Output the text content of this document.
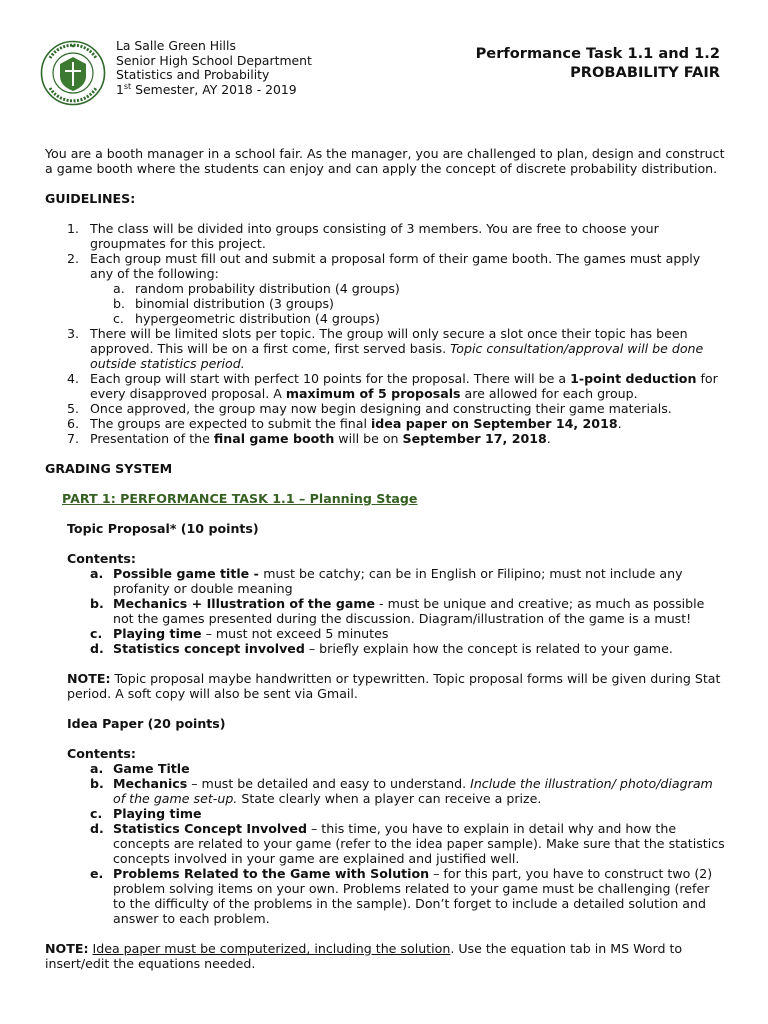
La Salle Green Hills
Senior High School Department
Statistics and Probability
1st Semester, AY 2018 - 2019
Performance Task 1.1 and 1.2
PROBABILITY FAIR

You are a booth manager in a school fair. As the manager, you are challenged to plan, design and construct a game booth where the students can enjoy and can apply the concept of discrete probability distribution.

GUIDELINES:

1. The class will be divided into groups consisting of 3 members. You are free to choose your groupmates for this project.
2. Each group must fill out and submit a proposal form of their game booth. The games must apply any of the following:
a. random probability distribution (4 groups)
b. binomial distribution (3 groups)
c. hypergeometric distribution (4 groups)
3. There will be limited slots per topic. The group will only secure a slot once their topic has been approved. This will be on a first come, first served basis. Topic consultation/approval will be done outside statistics period.
4. Each group will start with perfect 10 points for the proposal. There will be a 1-point deduction for every disapproved proposal. A maximum of 5 proposals are allowed for each group.
5. Once approved, the group may now begin designing and constructing their game materials.
6. The groups are expected to submit the final idea paper on September 14, 2018.
7. Presentation of the final game booth will be on September 17, 2018.

GRADING SYSTEM

PART 1: PERFORMANCE TASK 1.1 – Planning Stage

Topic Proposal* (10 points)

Contents:

a. Possible game title - must be catchy; can be in English or Filipino; must not include any profanity or double meaning
b. Mechanics + Illustration of the game - must be unique and creative; as much as possible not the games presented during the discussion. Diagram/illustration of the game is a must!
c. Playing time – must not exceed 5 minutes
d. Statistics concept involved – briefly explain how the concept is related to your game.

NOTE: Topic proposal maybe handwritten or typewritten. Topic proposal forms will be given during Stat period. A soft copy will also be sent via Gmail.

Idea Paper (20 points)

Contents:

a. Game Title
b. Mechanics – must be detailed and easy to understand. Include the illustration/ photo/diagram of the game set-up. State clearly when a player can receive a prize.
c. Playing time
d. Statistics Concept Involved – this time, you have to explain in detail why and how the concepts are related to your game (refer to the idea paper sample). Make sure that the statistics concepts involved in your game are explained and justified well.
e. Problems Related to the Game with Solution – for this part, you have to construct two (2) problem solving items on your own. Problems related to your game must be challenging (refer to the difficulty of the problems in the sample). Don’t forget to include a detailed solution and answer to each problem.

NOTE: Idea paper must be computerized, including the solution. Use the equation tab in MS Word to insert/edit the equations needed.
